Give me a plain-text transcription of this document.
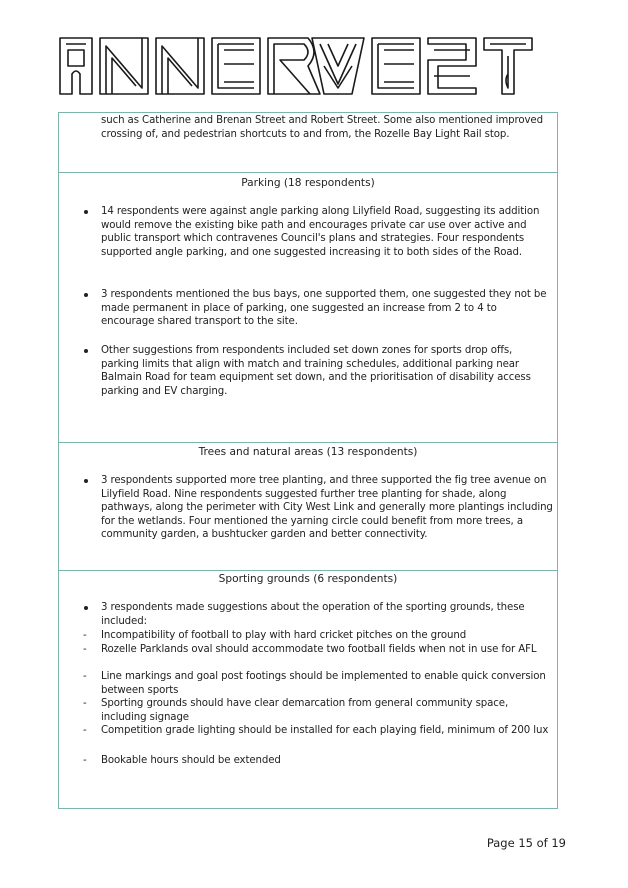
such as Catherine and Brenan Street and Robert Street. Some also mentioned improved crossing of, and pedestrian shortcuts to and from, the Rozelle Bay Light Rail stop.
Parking (18 respondents)
14 respondents were against angle parking along Lilyfield Road, suggesting its addition would remove the existing bike path and encourages private car use over active and public transport which contravenes Council's plans and strategies. Four respondents supported angle parking, and one suggested increasing it to both sides of the Road.
3 respondents mentioned the bus bays, one supported them, one suggested they not be made permanent in place of parking, one suggested an increase from 2 to 4 to encourage shared transport to the site.
Other suggestions from respondents included set down zones for sports drop offs, parking limits that align with match and training schedules, additional parking near Balmain Road for team equipment set down, and the prioritisation of disability access parking and EV charging.
Trees and natural areas (13 respondents)
3 respondents supported more tree planting, and three supported the fig tree avenue on Lilyfield Road. Nine respondents suggested further tree planting for shade, along pathways, along the perimeter with City West Link and generally more plantings including for the wetlands. Four mentioned the yarning circle could benefit from more trees, a community garden, a bushtucker garden and better connectivity.
Sporting grounds (6 respondents)
3 respondents made suggestions about the operation of the sporting grounds, these included:
- Incompatibility of football to play with hard cricket pitches on the ground
- Rozelle Parklands oval should accommodate two football fields when not in use for AFL
- Line markings and goal post footings should be implemented to enable quick conversion between sports
- Sporting grounds should have clear demarcation from general community space, including signage
- Competition grade lighting should be installed for each playing field, minimum of 200 lux
- Bookable hours should be extended
Page 15 of 19
